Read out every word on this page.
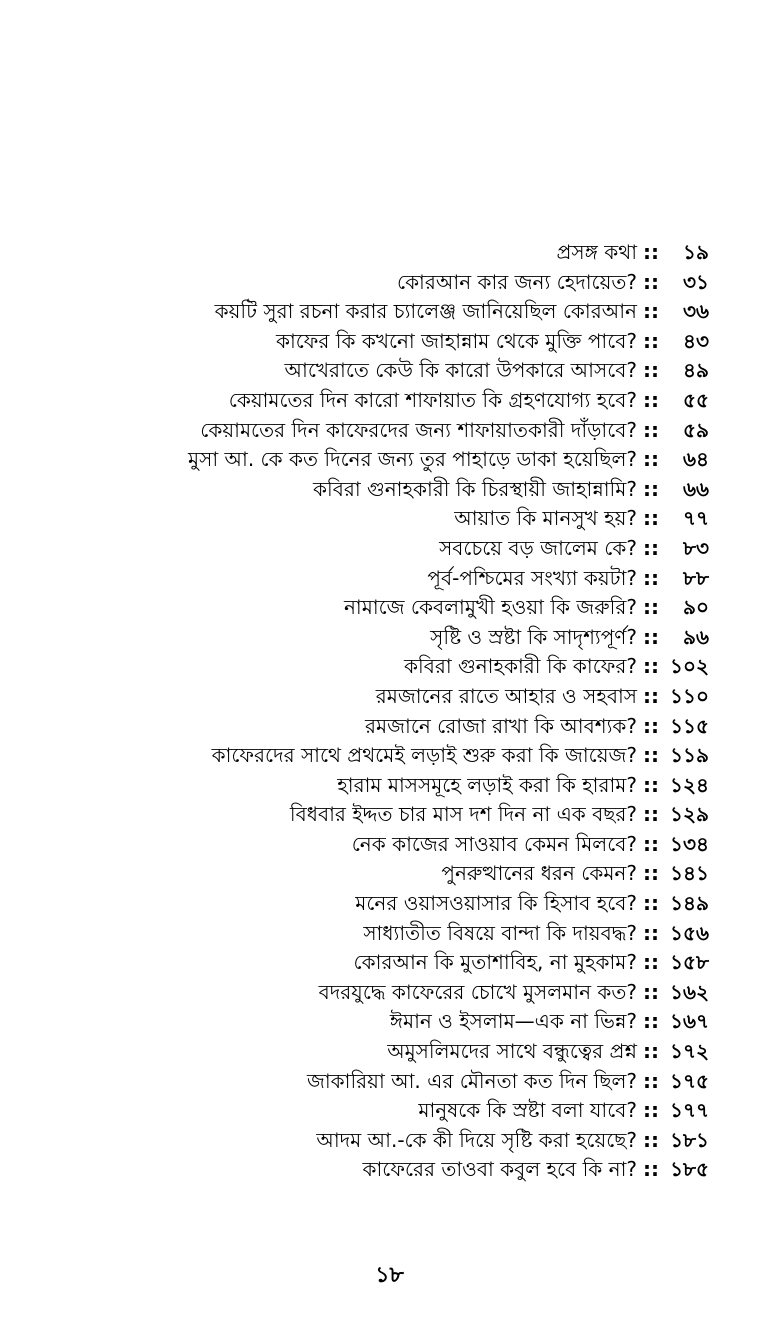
প্রসঙ্গ কথা ::	১৯
কোরআন কার জন্য হেদায়েত? ::	৩১
কয়টি সুরা রচনা করার চ্যালেঞ্জ জানিয়েছিল কোরআন ::	৩৬
কাফের কি কখনো জাহান্নাম থেকে মুক্তি পাবে? ::	৪৩
আখেরাতে কেউ কি কারো উপকারে আসবে? ::	৪৯
কেয়ামতের দিন কারো শাফায়াত কি গ্রহণযোগ্য হবে? ::	৫৫
কেয়ামতের দিন কাফেরদের জন্য শাফায়াতকারী দাঁড়াবে? ::	৫৯
মুসা আ. কে কত দিনের জন্য তুর পাহাড়ে ডাকা হয়েছিল? ::	৬৪
কবিরা গুনাহকারী কি চিরস্থায়ী জাহান্নামি? ::	৬৬
আয়াত কি মানসুখ হয়? ::	৭৭
সবচেয়ে বড় জালেম কে? ::	৮৩
পূর্ব-পশ্চিমের সংখ্যা কয়টা? ::	৮৮
নামাজে কেবলামুখী হওয়া কি জরুরি? ::	৯০
সৃষ্টি ও স্রষ্টা কি সাদৃশ্যপূর্ণ? ::	৯৬
কবিরা গুনাহকারী কি কাফের? :: ১০২
রমজানের রাতে আহার ও সহবাস :: ১১০
রমজানে রোজা রাখা কি আবশ্যক? :: ১১৫
কাফেরদের সাথে প্রথমেই লড়াই শুরু করা কি জায়েজ? :: ১১৯
হারাম মাসসমূহে লড়াই করা কি হারাম? :: ১২৪
বিধবার ইদ্দত চার মাস দশ দিন না এক বছর? :: ১২৯
নেক কাজের সাওয়াব কেমন মিলবে? :: ১৩৪
পুনরুত্থানের ধরন কেমন? :: ১৪১
মনের ওয়াসওয়াসার কি হিসাব হবে? :: ১৪৯
সাধ্যাতীত বিষয়ে বান্দা কি দায়বদ্ধ? :: ১৫৬
কোরআন কি মুতাশাবিহ, না মুহকাম? :: ১৫৮
বদরযুদ্ধে কাফেরের চোখে মুসলমান কত? :: ১৬২
ঈমান ও ইসলাম—এক না ভিন্ন? :: ১৬৭
অমুসলিমদের সাথে বন্ধুত্বের প্রশ্ন :: ১৭২
জাকারিয়া আ. এর মৌনতা কত দিন ছিল? :: ১৭৫
মানুষকে কি স্রষ্টা বলা যাবে? :: ১৭৭
আদম আ.-কে কী দিয়ে সৃষ্টি করা হয়েছে? :: ১৮১
কাফেরের তাওবা কবুল হবে কি না? :: ১৮৫
১৮
